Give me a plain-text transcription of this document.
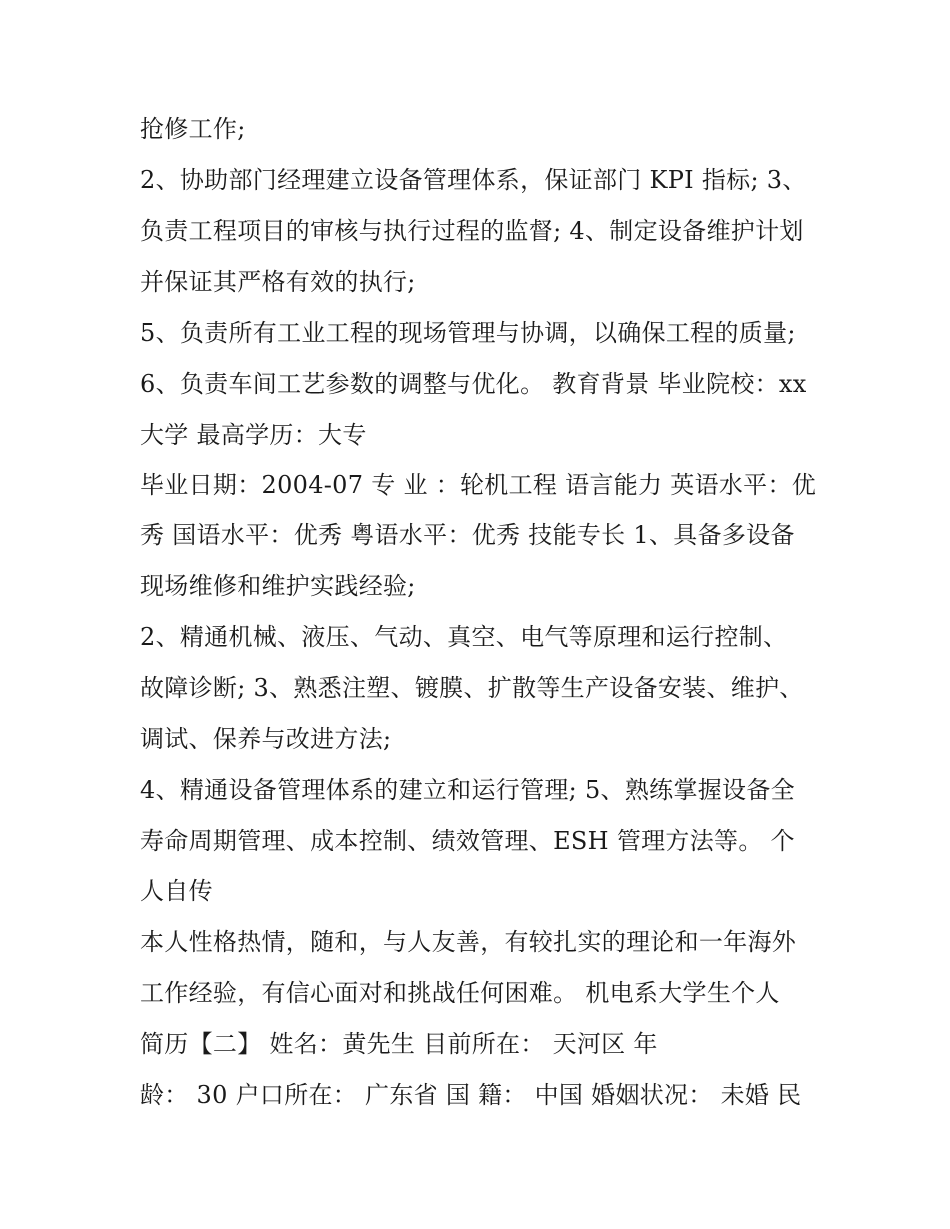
抢修工作;
2、协助部门经理建立设备管理体系，保证部门 KPI 指标; 3、
负责工程项目的审核与执行过程的监督; 4、制定设备维护计划
并保证其严格有效的执行;
5、负责所有工业工程的现场管理与协调，以确保工程的质量;
6、负责车间工艺参数的调整与优化。 教育背景 毕业院校：xx
大学 最高学历：大专
毕业日期：2004-07 专 业 ：轮机工程 语言能力 英语水平：优
秀 国语水平：优秀 粤语水平：优秀 技能专长 1、具备多设备
现场维修和维护实践经验;
2、精通机械、液压、气动、真空、电气等原理和运行控制、
故障诊断; 3、熟悉注塑、镀膜、扩散等生产设备安装、维护、
调试、保养与改进方法;
4、精通设备管理体系的建立和运行管理; 5、熟练掌握设备全
寿命周期管理、成本控制、绩效管理、ESH 管理方法等。 个
人自传
本人性格热情，随和，与人友善，有较扎实的理论和一年海外
工作经验，有信心面对和挑战任何困难。 机电系大学生个人
简历【二】 姓名：黄先生 目前所在： 天河区 年
龄： 30 户口所在： 广东省 国 籍： 中国 婚姻状况： 未婚 民
